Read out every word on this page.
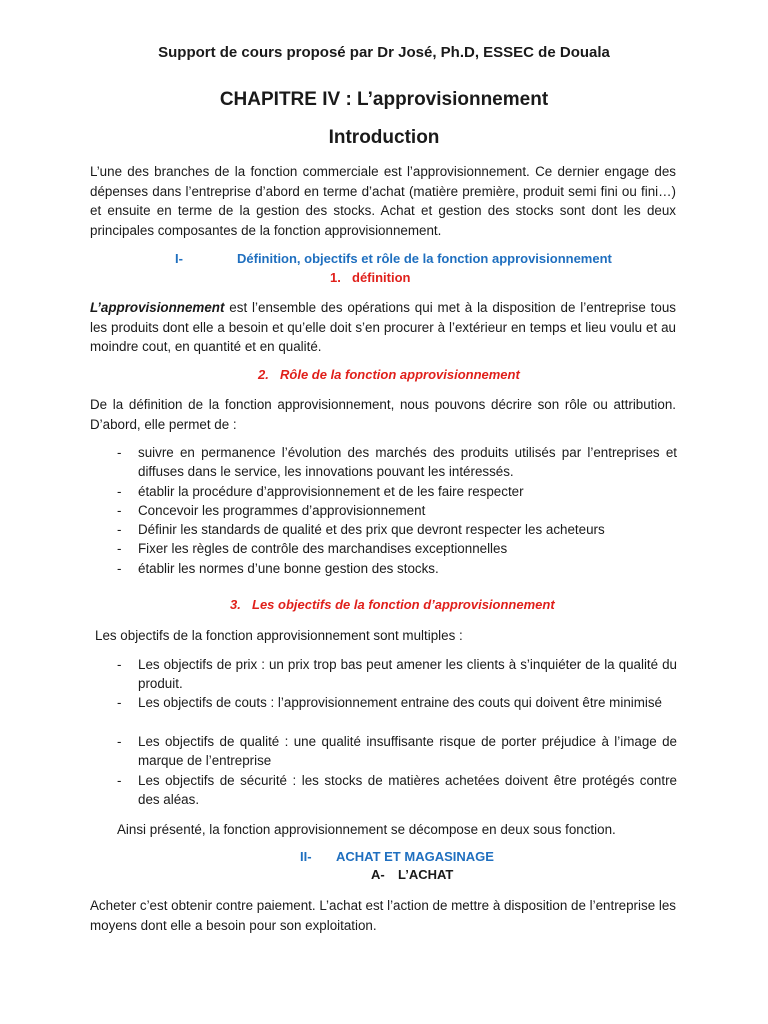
Support de cours proposé par Dr José, Ph.D, ESSEC de Douala
CHAPITRE IV : L’approvisionnement
Introduction
L’une des branches de la fonction commerciale est l’approvisionnement. Ce dernier engage des dépenses dans l’entreprise d’abord en terme d’achat (matière première, produit semi fini ou fini…) et ensuite en terme de la gestion des stocks. Achat et gestion des stocks sont dont les deux principales composantes de la fonction approvisionnement.
I-	Définition, objectifs et rôle de la fonction approvisionnement
1. définition
L’approvisionnement est l’ensemble des opérations qui met à la disposition de l’entreprise tous les produits dont elle a besoin et qu’elle doit s’en procurer à l’extérieur en temps et lieu voulu et au moindre cout, en quantité et en qualité.
2. Rôle de la fonction approvisionnement
De la définition de la fonction approvisionnement, nous pouvons décrire son rôle ou attribution. D’abord, elle permet de :
- suivre en permanence l’évolution des marchés des produits utilisés par l’entreprises et diffuses dans le service, les innovations pouvant les intéressés.
- établir la procédure d’approvisionnement et de les faire respecter
- Concevoir les programmes d’approvisionnement
- Définir les standards de qualité et des prix que devront respecter les acheteurs
- Fixer les règles de contrôle des marchandises exceptionnelles
- établir les normes d’une bonne gestion des stocks.
3. Les objectifs de la fonction d’approvisionnement
Les objectifs de la fonction approvisionnement sont multiples :
- Les objectifs de prix : un prix trop bas peut amener les clients à s’inquiéter de la qualité du produit.
- Les objectifs de couts : l’approvisionnement entraine des couts qui doivent être minimisé
- Les objectifs de qualité : une qualité insuffisante risque de porter préjudice à l’image de marque de l’entreprise
- Les objectifs de sécurité : les stocks de matières achetées doivent être protégés contre des aléas.
Ainsi présenté, la fonction approvisionnement se décompose en deux sous fonction.
II- ACHAT ET MAGASINAGE
A- L’ACHAT
Acheter c’est obtenir contre paiement. L’achat est l’action de mettre à disposition de l’entreprise les moyens dont elle a besoin pour son exploitation.
